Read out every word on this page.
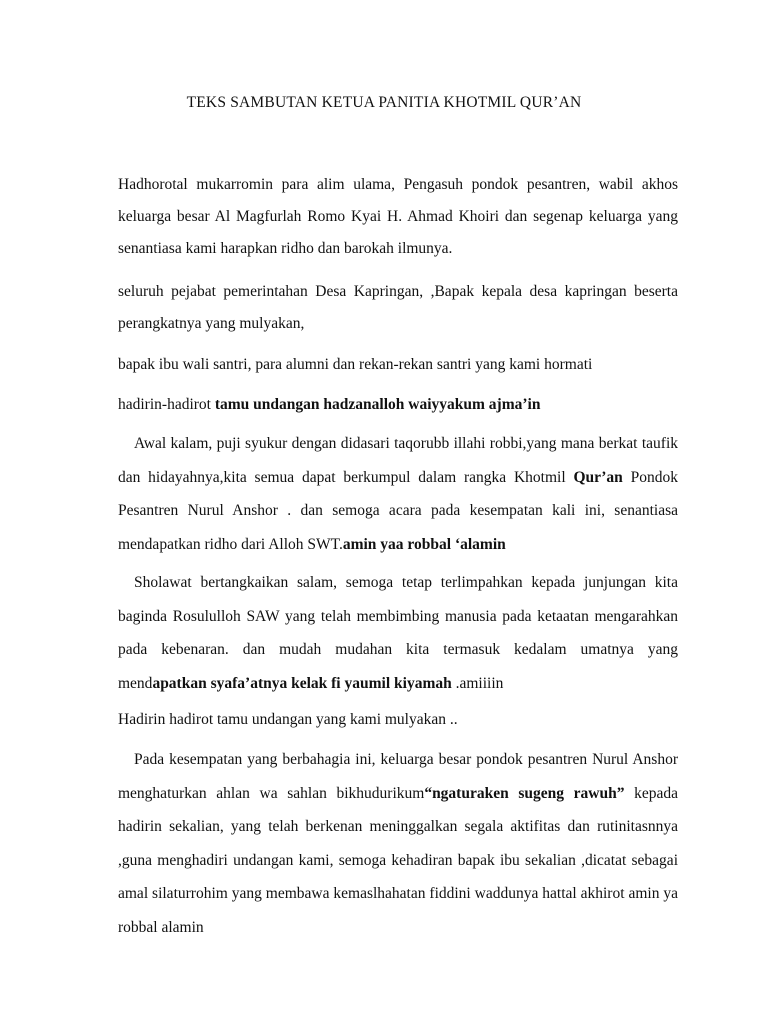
TEKS SAMBUTAN KETUA PANITIA KHOTMIL QUR’AN

Hadhorotal mukarromin para alim ulama, Pengasuh pondok pesantren, wabil akhos keluarga besar Al Magfurlah Romo Kyai H. Ahmad Khoiri dan segenap keluarga yang senantiasa kami harapkan ridho dan barokah ilmunya.

seluruh pejabat pemerintahan Desa Kapringan, ,Bapak kepala desa kapringan beserta perangkatnya yang mulyakan,

bapak ibu wali santri, para alumni dan rekan-rekan santri yang kami hormati

hadirin-hadirot tamu undangan hadzanalloh waiyyakum ajma’in

Awal kalam, puji syukur dengan didasari taqorubb illahi robbi,yang mana berkat taufik dan hidayahnya,kita semua dapat berkumpul dalam rangka Khotmil Qur’an Pondok Pesantren Nurul Anshor . dan semoga acara pada kesempatan kali ini, senantiasa mendapatkan ridho dari Alloh SWT.amin yaa robbal ‘alamin

Sholawat bertangkaikan salam, semoga tetap terlimpahkan kepada junjungan kita baginda Rosululloh SAW yang telah membimbing manusia pada ketaatan mengarahkan pada kebenaran. dan mudah mudahan kita termasuk kedalam umatnya yang mendapatkan syafa’atnya kelak fi yaumil kiyamah .amiiiin

Hadirin hadirot tamu undangan yang kami mulyakan ..

Pada kesempatan yang berbahagia ini, keluarga besar pondok pesantren Nurul Anshor menghaturkan ahlan wa sahlan bikhudurikum“ngaturaken sugeng rawuh” kepada hadirin sekalian, yang telah berkenan meninggalkan segala aktifitas dan rutinitasnnya ,guna menghadiri undangan kami, semoga kehadiran bapak ibu sekalian ,dicatat sebagai amal silaturrohim yang membawa kemaslhahatan fiddini waddunya hattal akhirot amin ya robbal alamin
